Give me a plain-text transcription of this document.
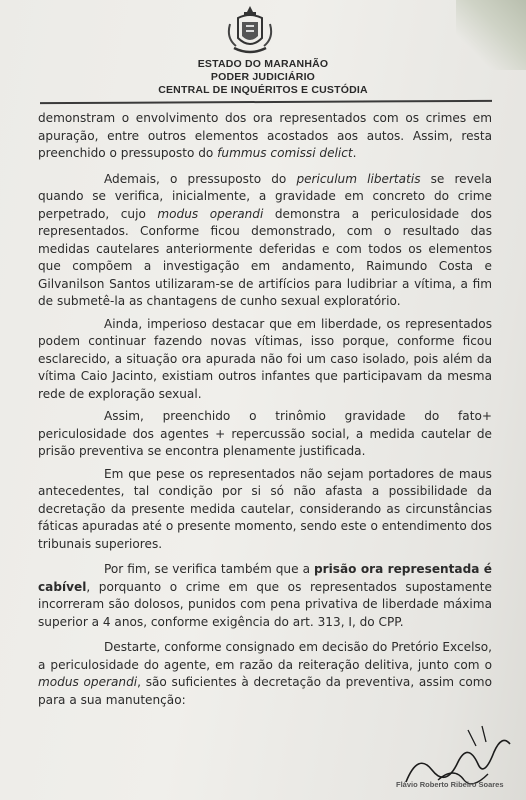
ESTADO DO MARANHÃO
PODER JUDICIÁRIO
CENTRAL DE INQUÉRITOS E CUSTÓDIA

demonstram o envolvimento dos ora representados com os crimes em apuração, entre outros elementos acostados aos autos. Assim, resta preenchido o pressuposto do fummus comissi delict.

Ademais, o pressuposto do periculum libertatis se revela quando se verifica, inicialmente, a gravidade em concreto do crime perpetrado, cujo modus operandi demonstra a periculosidade dos representados. Conforme ficou demonstrado, com o resultado das medidas cautelares anteriormente deferidas e com todos os elementos que compõem a investigação em andamento, Raimundo Costa e Gilvanilson Santos utilizaram-se de artifícios para ludibriar a vítima, a fim de submetê-la as chantagens de cunho sexual exploratório.

Ainda, imperioso destacar que em liberdade, os representados podem continuar fazendo novas vítimas, isso porque, conforme ficou esclarecido, a situação ora apurada não foi um caso isolado, pois além da vítima Caio Jacinto, existiam outros infantes que participavam da mesma rede de exploração sexual.

Assim, preenchido o trinômio gravidade do fato+ periculosidade dos agentes + repercussão social, a medida cautelar de prisão preventiva se encontra plenamente justificada.

Em que pese os representados não sejam portadores de maus antecedentes, tal condição por si só não afasta a possibilidade da decretação da presente medida cautelar, considerando as circunstâncias fáticas apuradas até o presente momento, sendo este o entendimento dos tribunais superiores.

Por fim, se verifica também que a prisão ora representada é cabível, porquanto o crime em que os representados supostamente incorreram são dolosos, punidos com pena privativa de liberdade máxima superior a 4 anos, conforme exigência do art. 313, I, do CPP.

Destarte, conforme consignado em decisão do Pretório Excelso, a periculosidade do agente, em razão da reiteração delitiva, junto com o modus operandi, são suficientes à decretação da preventiva, assim como para a sua manutenção:

Flávio Roberto Ribeiro Soares
